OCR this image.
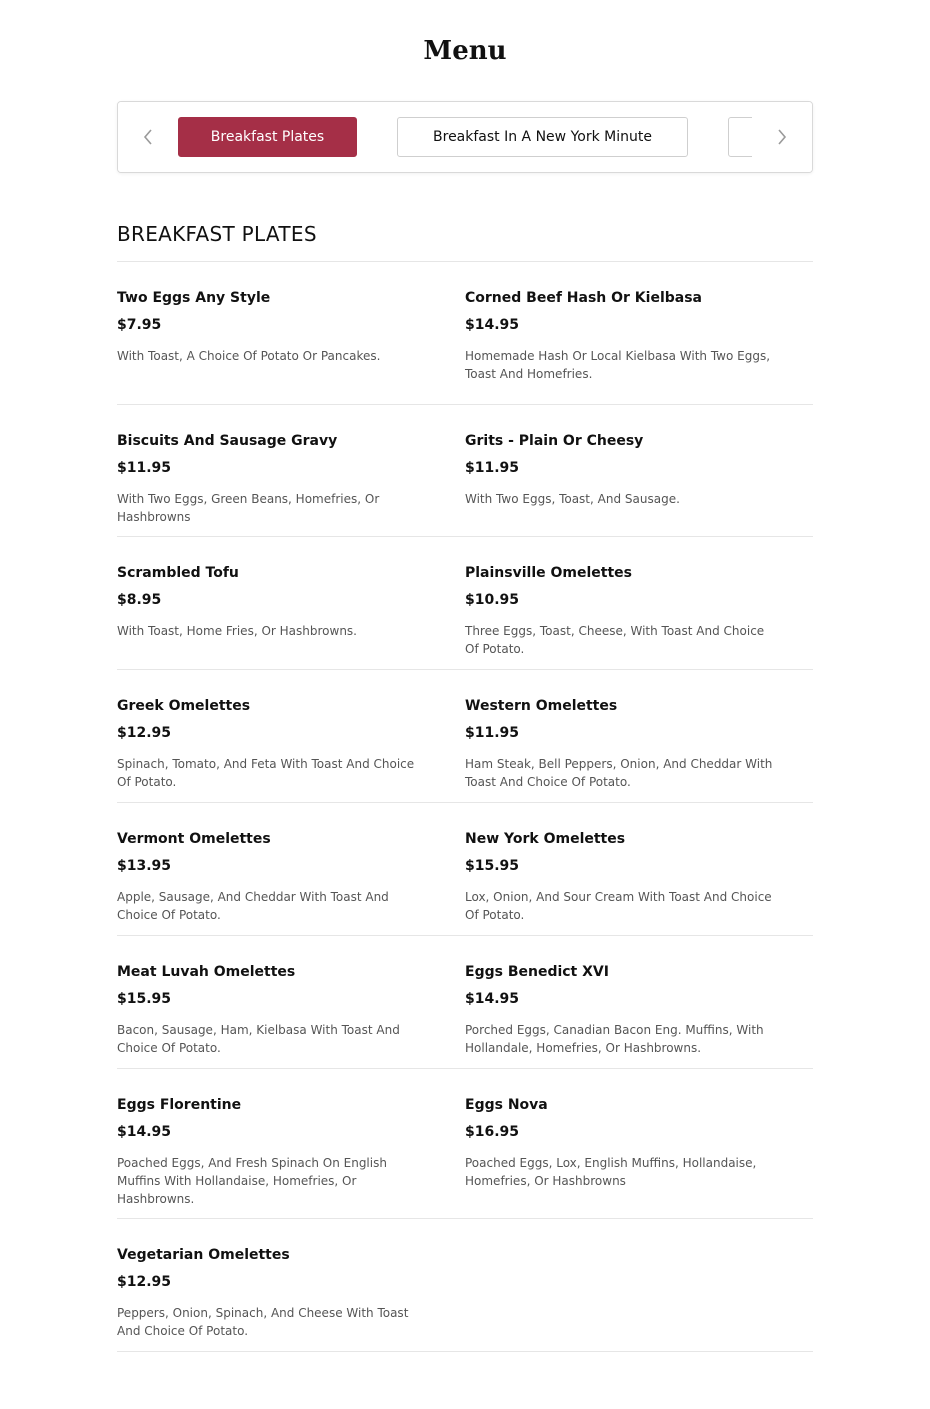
Menu
Breakfast Plates	Breakfast In A New York Minute
BREAKFAST PLATES
Two Eggs Any Style
$7.95
With Toast, A Choice Of Potato Or Pancakes.
Corned Beef Hash Or Kielbasa
$14.95
Homemade Hash Or Local Kielbasa With Two Eggs, Toast And Homefries.
Biscuits And Sausage Gravy
$11.95
With Two Eggs, Green Beans, Homefries, Or Hashbrowns
Grits - Plain Or Cheesy
$11.95
With Two Eggs, Toast, And Sausage.
Scrambled Tofu
$8.95
With Toast, Home Fries, Or Hashbrowns.
Plainsville Omelettes
$10.95
Three Eggs, Toast, Cheese, With Toast And Choice Of Potato.
Greek Omelettes
$12.95
Spinach, Tomato, And Feta With Toast And Choice Of Potato.
Western Omelettes
$11.95
Ham Steak, Bell Peppers, Onion, And Cheddar With Toast And Choice Of Potato.
Vermont Omelettes
$13.95
Apple, Sausage, And Cheddar With Toast And Choice Of Potato.
New York Omelettes
$15.95
Lox, Onion, And Sour Cream With Toast And Choice Of Potato.
Meat Luvah Omelettes
$15.95
Bacon, Sausage, Ham, Kielbasa With Toast And Choice Of Potato.
Eggs Benedict XVI
$14.95
Porched Eggs, Canadian Bacon Eng. Muffins, With Hollandale, Homefries, Or Hashbrowns.
Eggs Florentine
$14.95
Poached Eggs, And Fresh Spinach On English Muffins With Hollandaise, Homefries, Or Hashbrowns.
Eggs Nova
$16.95
Poached Eggs, Lox, English Muffins, Hollandaise, Homefries, Or Hashbrowns
Vegetarian Omelettes
$12.95
Peppers, Onion, Spinach, And Cheese With Toast And Choice Of Potato.
